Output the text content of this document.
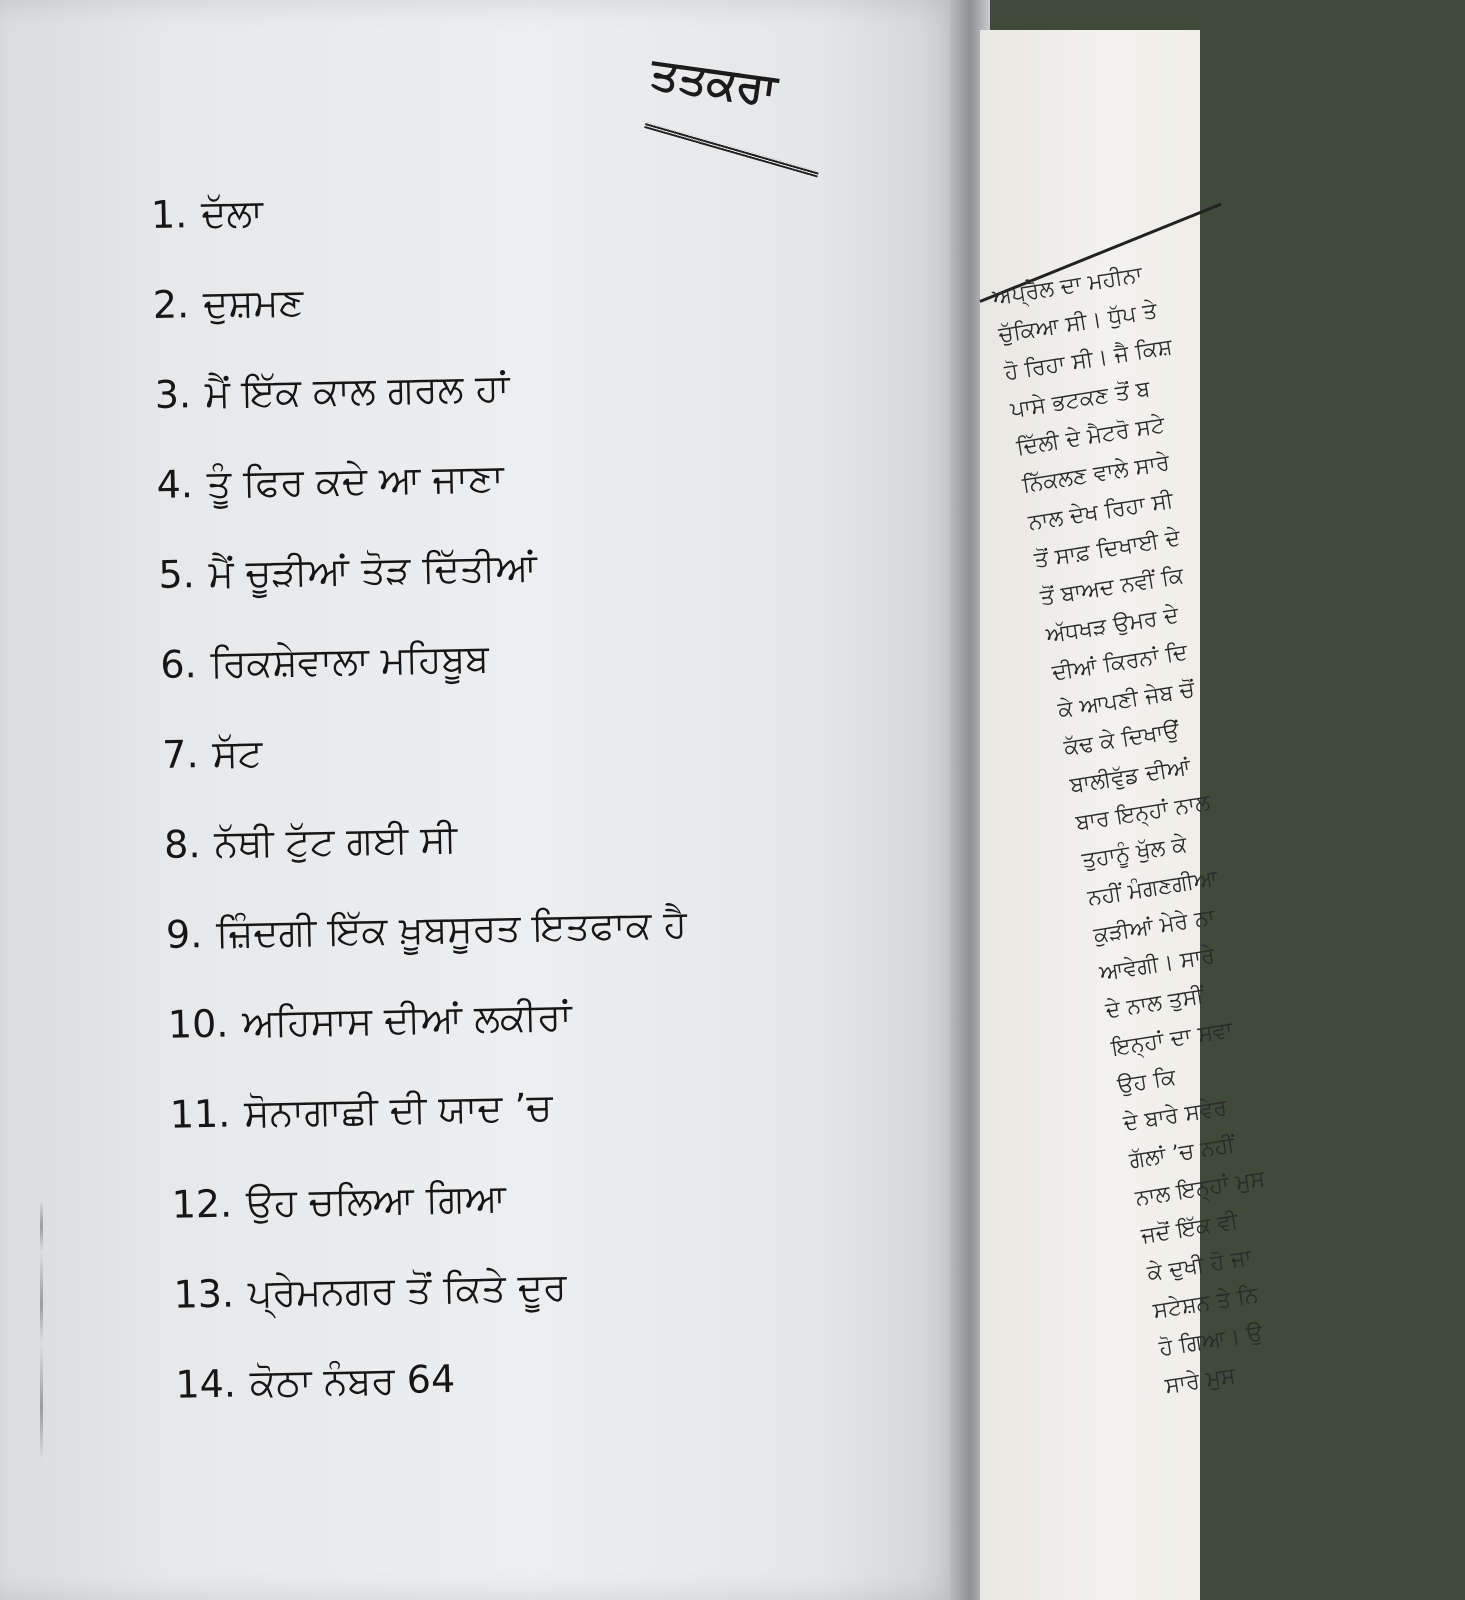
ਤਤਕਰਾ
1. ਦੱਲਾ
2. ਦੁਸ਼ਮਣ
3. ਮੈਂ ਇੱਕ ਕਾਲ ਗਰਲ ਹਾਂ
4. ਤੂੰ ਫਿਰ ਕਦੇ ਆ ਜਾਣਾ
5. ਮੈਂ ਚੂੜੀਆਂ ਤੋੜ ਦਿੱਤੀਆਂ
6. ਰਿਕਸ਼ੇਵਾਲਾ ਮਹਿਬੂਬ
7. ਸੱਟ
8. ਨੱਥੀ ਟੁੱਟ ਗਈ ਸੀ
9. ਜ਼ਿੰਦਗੀ ਇੱਕ ਖ਼ੂਬਸੂਰਤ ਇਤਫਾਕ ਹੈ
10. ਅਹਿਸਾਸ ਦੀਆਂ ਲਕੀਰਾਂ
11. ਸੋਨਾਗਾਛੀ ਦੀ ਯਾਦ ’ਚ
12. ਉਹ ਚਲਿਆ ਗਿਆ
13. ਪ੍ਰੇਮਨਗਰ ਤੋਂ ਕਿਤੇ ਦੂਰ
14. ਕੋਠਾ ਨੰਬਰ 64
ਅਪ੍ਰੈਲ ਦਾ ਮਹੀਨਾ
ਚੁੱਕਿਆ ਸੀ। ਧੁੱਪ ਤੇ
ਹੋ ਰਿਹਾ ਸੀ। ਜੈ ਕਿਸ਼
ਪਾਸੇ ਭਟਕਣ ਤੋਂ ਬ
ਦਿੱਲੀ ਦੇ ਮੈਟਰੋ ਸਟੇ
ਨਿੱਕਲਣ ਵਾਲੇ ਸਾਰੇ
ਨਾਲ ਦੇਖ ਰਿਹਾ ਸੀ
ਤੋਂ ਸਾਫ਼ ਦਿਖਾਈ ਦੇ
ਤੋਂ ਬਾਅਦ ਨਵੀਂ ਕਿ
ਅੱਧਖੜ ਉਮਰ ਦੇ
ਦੀਆਂ ਕਿਰਨਾਂ ਦਿ
ਕੇ ਆਪਣੀ ਜੇਬ ਚੋਂ
ਕੱਢ ਕੇ ਦਿਖਾਉਂ
ਬਾਲੀਵੁੱਡ ਦੀਆਂ
ਬਾਰ ਇਨ੍ਹਾਂ ਨਾਲ
ਤੁਹਾਨੂੰ ਖੁੱਲ ਕੇ
ਨਹੀਂ ਮੰਗਣਗੀਆ
ਕੁੜੀਆਂ ਮੇਰੇ ਨਾ
ਆਵੇਗੀ। ਸਾਰੇ
ਦੇ ਨਾਲ ਤੁਸੀਂ
ਇਨ੍ਹਾਂ ਦਾ ਸਵਾ
ਉਹ ਕਿ
ਦੇ ਬਾਰੇ ਸਵੇਰ
ਗੱਲਾਂ ’ਚ ਨਹੀਂ
ਨਾਲ ਇਨ੍ਹਾਂ ਮੁਸ
ਜਦੋਂ ਇੱਕ ਵੀ
ਕੇ ਦੁਖੀ ਹੋ ਜਾ
ਸਟੇਸ਼ਨ ਤੇ ਨਿ
ਹੋ ਗਿਆ। ਉ
ਸਾਰੇ ਮੁਸ
